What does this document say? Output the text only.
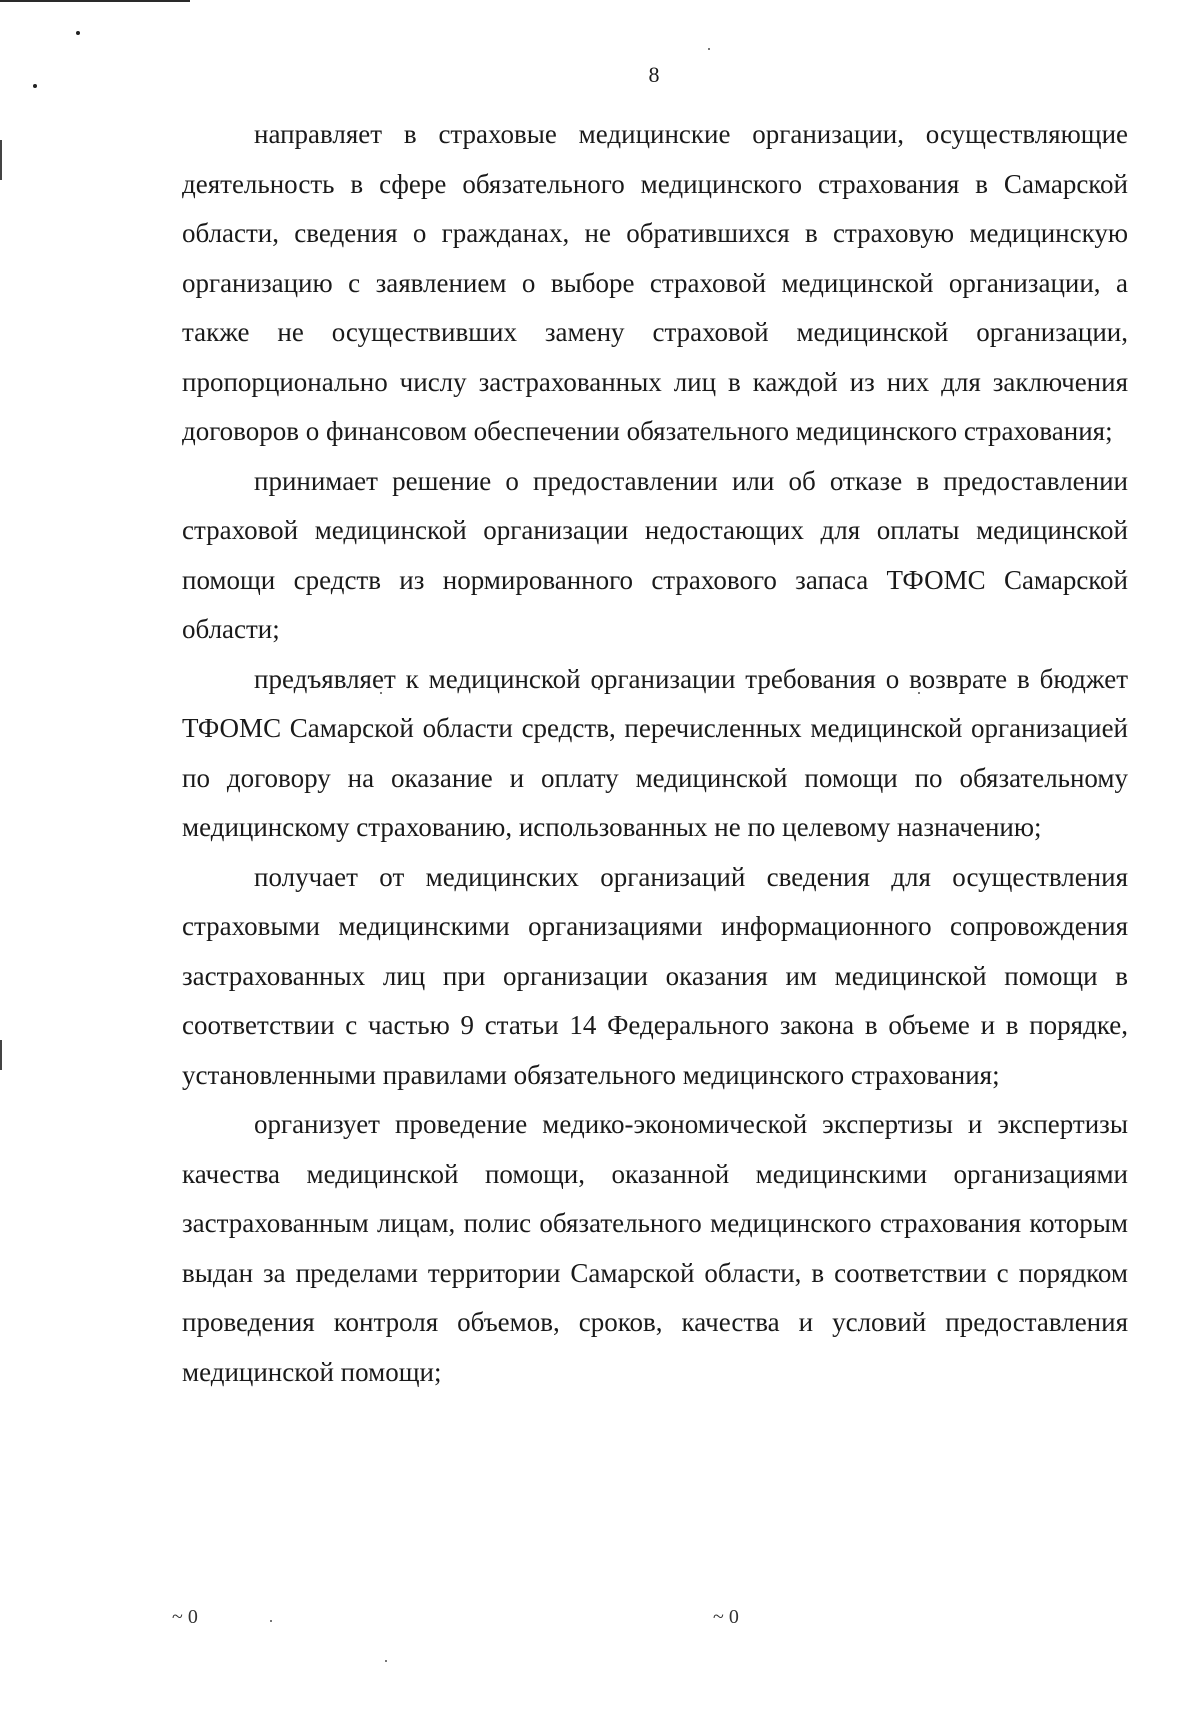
8

направляет в страховые медицинские организации, осуществляющие деятельность в сфере обязательного медицинского страхования в Самарской области, сведения о гражданах, не обратившихся в страховую медицинскую организацию с заявлением о выборе страховой медицинской организации, а также не осуществивших замену страховой медицинской организации, пропорционально числу застрахованных лиц в каждой из них для заключения договоров о финансовом обеспечении обязательного медицинского страхования;

принимает решение о предоставлении или об отказе в предоставлении страховой медицинской организации недостающих для оплаты медицинской помощи средств из нормированного страхового запаса ТФОМС Самарской области;

предъявляет к медицинской организации требования о возврате в бюджет ТФОМС Самарской области средств, перечисленных медицинской организацией по договору на оказание и оплату медицинской помощи по обязательному медицинскому страхованию, использованных не по целевому назначению;

получает от медицинских организаций сведения для осуществления страховыми медицинскими организациями информационного сопровождения застрахованных лиц при организации оказания им медицинской помощи в соответствии с частью 9 статьи 14 Федерального закона в объеме и в порядке, установленными правилами обязательного медицинского страхования;

организует проведение медико-экономической экспертизы и экспертизы качества медицинской помощи, оказанной медицинскими организациями застрахованным лицам, полис обязательного медицинского страхования которым выдан за пределами территории Самарской области, в соответствии с порядком проведения контроля объемов, сроков, качества и условий предоставления медицинской помощи;

~ 0	~ 0
